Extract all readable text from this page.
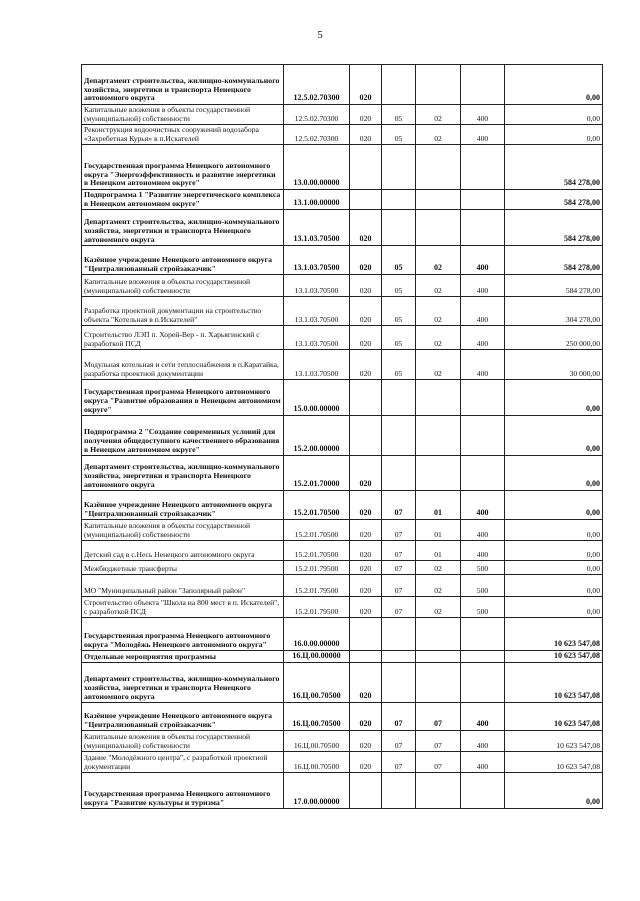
5
Департамент строительства, жилищно-коммунального хозяйства, энергетики и транспорта Ненецкого автономного округа	12.5.02.70300	020				0,00
Капитальные вложения в объекты государственной (муниципальной) собственности	12.5.02.70300	020	05	02	400	0,00
Реконструкция водоочистных сооружений водозабора «Захребетная Курья» в п.Искателей	12.5.02.70300	020	05	02	400	0,00
Государственная программа Ненецкого автономного округа "Энергоэффективность и развитие энергетики в Ненецком автономном округе"	13.0.00.00000					584 278,00
Подпрограмма 1 "Развитие энергетического комплекса в Ненецком автономном округе"	13.1.00.00000					584 278,00
Департамент строительства, жилищно-коммунального хозяйства, энергетики и транспорта Ненецкого автономного округа	13.1.03.70500	020				584 278,00
Казённое учреждение Ненецкого автономного округа "Централизованный стройзаказчик"	13.1.03.70500	020	05	02	400	584 278,00
Капитальные вложения в объекты государственной (муниципальной) собственности	13.1.03.70500	020	05	02	400	584 278,00
Разработка проектной документации на строительство объекта "Котельная в п.Искателей"	13.1.03.70500	020	05	02	400	304 278,00
Строительство ЛЭП п. Хорей-Вер - п. Харьягинский с разработкой ПСД	13.1.03.70500	020	05	02	400	250 000,00
Модульная котельная и сети теплоснабжения в п.Каратайка, разработка проектной документации	13.1.03.70500	020	05	02	400	30 000,00
Государственная программа Ненецкого автономного округа "Развитие образования в Ненецком автономном округе"	15.0.00.00000					0,00
Подпрограмма 2 "Создание современных условий для получения общедоступного качественного образования в Ненецком автономном округе"	15.2.00.00000					0,00
Департамент строительства, жилищно-коммунального хозяйства, энергетики и транспорта Ненецкого автономного округа	15.2.01.70000	020				0,00
Казённое учреждение Ненецкого автономного округа "Централизованный стройзаказчик"	15.2.01.70500	020	07	01	400	0,00
Капитальные вложения в объекты государственной (муниципальной) собственности	15.2.01.70500	020	07	01	400	0,00
Детский сад в с.Несь Ненецкого автономного округа	15.2.01.70500	020	07	01	400	0,00
Межбюджетные трансферты	15.2.01.79500	020	07	02	500	0,00
МО "Муниципальный район "Заполярный район"	15.2.01.79500	020	07	02	500	0,00
Строительство объекта "Школа на 800 мест в п. Искателей", с разработкой ПСД	15.2.01.79500	020	07	02	500	0,00
Государственная программа Ненецкого автономного округа "Молодёжь Ненецкого автономного округа"	16.0.00.00000					10 623 547,08
Отдельные мероприятия программы	16.Ц.00.00000					10 623 547,08
Департамент строительства, жилищно-коммунального хозяйства, энергетики и транспорта Ненецкого автономного округа	16.Ц.00.70500	020				10 623 547,08
Казённое учреждение Ненецкого автономного округа "Централизованный стройзаказчик"	16.Ц.00.70500	020	07	07	400	10 623 547,08
Капитальные вложения в объекты государственной (муниципальной) собственности	16.Ц.00.70500	020	07	07	400	10 623 547,08
Здание "Молодёжного центра", с разработкой проектной документации	16.Ц.00.70500	020	07	07	400	10 623 547,08
Государственная программа Ненецкого автономного округа "Развитие культуры и туризма"	17.0.00.00000					0,00
